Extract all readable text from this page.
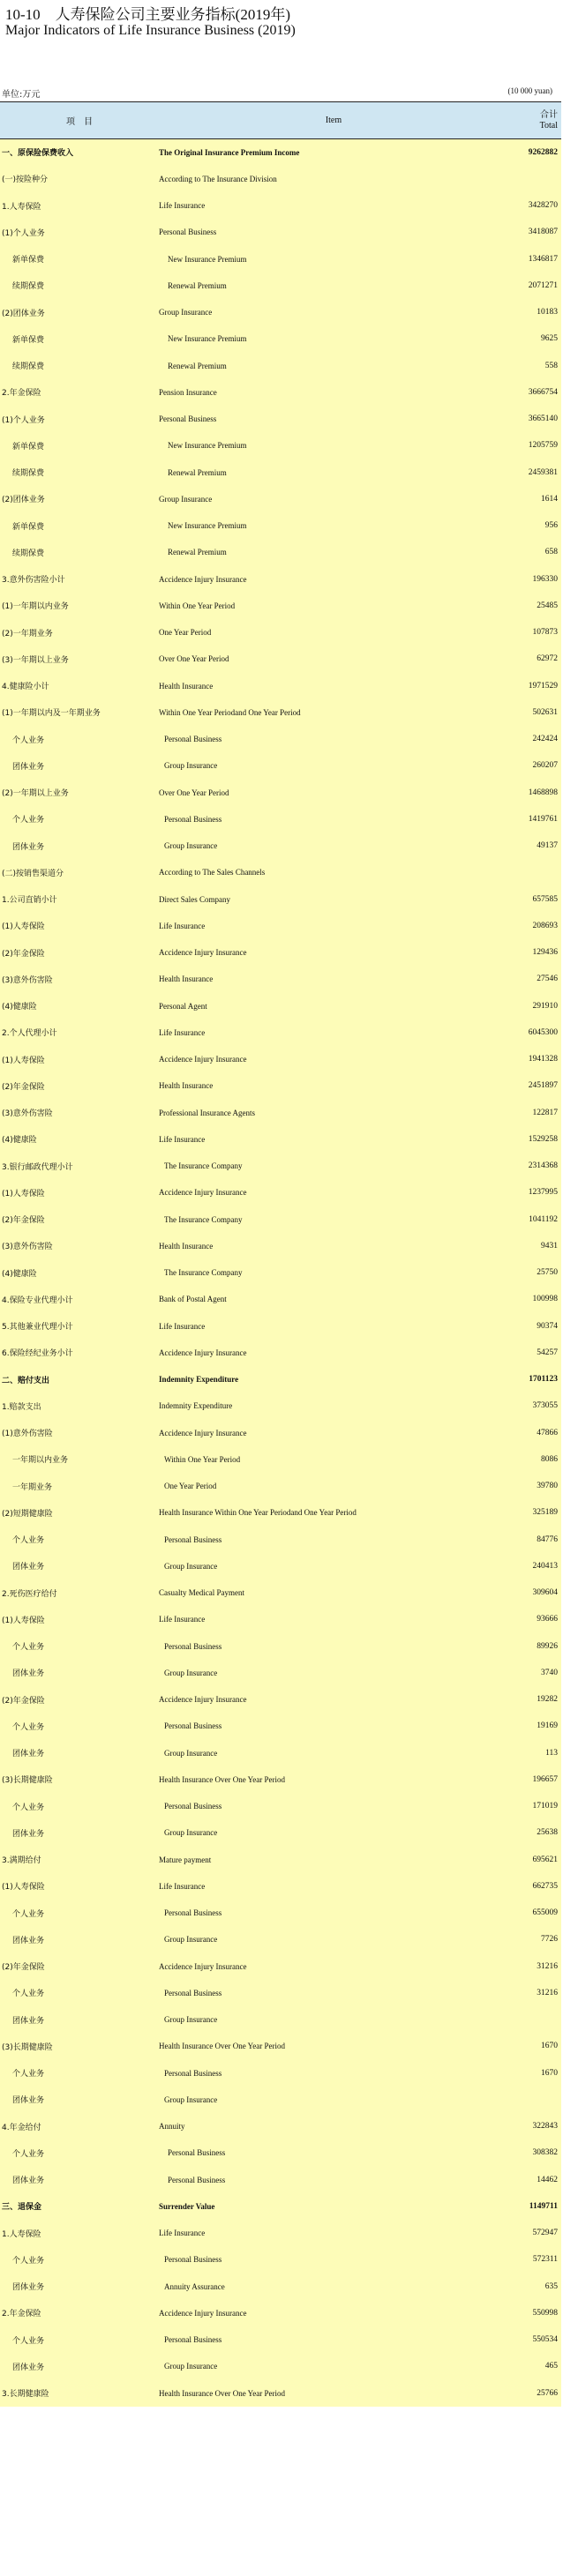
10-10　人寿保险公司主要业务指标(2019年)
Major Indicators of Life Insurance Business (2019)
单位:万元	(10 000 yuan)
项　目	Item	合计
Total

一、原保险保费收入	The Original Insurance Premium Income	9262882
(一)按险种分	According to The Insurance Division	
1.人寿保险	Life Insurance	3428270
(1)个人业务	Personal Business	3418087
新单保费	New Insurance Premium	1346817
续期保费	Renewal Premium	2071271
(2)团体业务	Group Insurance	10183
新单保费	New Insurance Premium	9625
续期保费	Renewal Premium	558
2.年金保险	Pension Insurance	3666754
(1)个人业务	Personal Business	3665140
新单保费	New Insurance Premium	1205759
续期保费	Renewal Premium	2459381
(2)团体业务	Group Insurance	1614
新单保费	New Insurance Premium	956
续期保费	Renewal Premium	658
3.意外伤害险小计	Accidence Injury Insurance	196330
(1)一年期以内业务	Within One Year Period	25485
(2)一年期业务	One Year Period	107873
(3)一年期以上业务	Over One Year Period	62972
4.健康险小计	Health Insurance	1971529
(1)一年期以内及一年期业务	Within One Year Periodand One Year Period	502631
个人业务	Personal Business	242424
团体业务	Group Insurance	260207
(2)一年期以上业务	Over One Year Period	1468898
个人业务	Personal Business	1419761
团体业务	Group Insurance	49137
(二)按销售渠道分	According to The Sales Channels	
1.公司直销小计	Direct Sales Company	657585
(1)人寿保险	Life Insurance	208693
(2)年金保险	Accidence Injury Insurance	129436
(3)意外伤害险	Health Insurance	27546
(4)健康险	Personal Agent	291910
2.个人代理小计	Life Insurance	6045300
(1)人寿保险	Accidence Injury Insurance	1941328
(2)年金保险	Health Insurance	2451897
(3)意外伤害险	Professional Insurance Agents	122817
(4)健康险	Life Insurance	1529258
3.银行邮政代理小计	The Insurance Company	2314368
(1)人寿保险	Accidence Injury Insurance	1237995
(2)年金保险	The Insurance Company	1041192
(3)意外伤害险	Health Insurance	9431
(4)健康险	The Insurance Company	25750
4.保险专业代理小计	Bank of Postal Agent	100998
5.其他兼业代理小计	Life Insurance	90374
6.保险经纪业务小计	Accidence Injury Insurance	54257
二、赔付支出	Indemnity Expenditure	1701123
1.赔款支出	Indemnity Expenditure	373055
(1)意外伤害险	Accidence Injury Insurance	47866
一年期以内业务	Within One Year Period	8086
一年期业务	One Year Period	39780
(2)短期健康险	Health Insurance Within One Year Periodand One Year Period	325189
个人业务	Personal Business	84776
团体业务	Group Insurance	240413
2.死伤医疗给付	Casualty Medical Payment	309604
(1)人寿保险	Life Insurance	93666
个人业务	Personal Business	89926
团体业务	Group Insurance	3740
(2)年金保险	Accidence Injury Insurance	19282
个人业务	Personal Business	19169
团体业务	Group Insurance	113
(3)长期健康险	Health Insurance Over One Year Period	196657
个人业务	Personal Business	171019
团体业务	Group Insurance	25638
3.满期给付	Mature payment	695621
(1)人寿保险	Life Insurance	662735
个人业务	Personal Business	655009
团体业务	Group Insurance	7726
(2)年金保险	Accidence Injury Insurance	31216
个人业务	Personal Business	31216
团体业务	Group Insurance	
(3)长期健康险	Health Insurance Over One Year Period	1670
个人业务	Personal Business	1670
团体业务	Group Insurance	
4.年金给付	Annuity	322843
个人业务	Personal Business	308382
团体业务	Personal Business	14462
三、退保金	Surrender Value	1149711
1.人寿保险	Life Insurance	572947
个人业务	Personal Business	572311
团体业务	Annuity Assurance	635
2.年金保险	Accidence Injury Insurance	550998
个人业务	Personal Business	550534
团体业务	Group Insurance	465
3.长期健康险	Health Insurance Over One Year Period	25766
